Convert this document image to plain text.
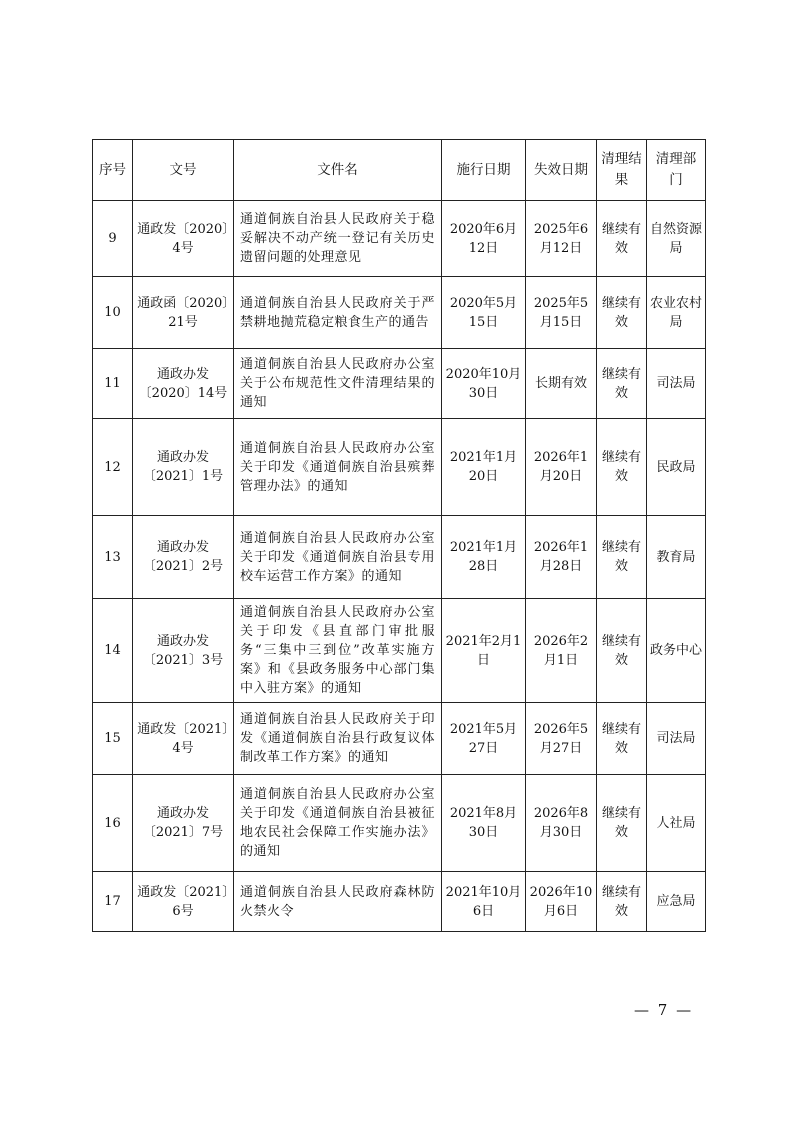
序号	文号	文件名	施行日期	失效日期	清理结果	清理部门
9	通政发〔2020〕4号	通道侗族自治县人民政府关于稳妥解决不动产统一登记有关历史遗留问题的处理意见	2020年6月12日	2025年6月12日	继续有效	自然资源局
10	通政函〔2020〕21号	通道侗族自治县人民政府关于严禁耕地抛荒稳定粮食生产的通告	2020年5月15日	2025年5月15日	继续有效	农业农村局
11	通政办发〔2020〕14号	通道侗族自治县人民政府办公室关于公布规范性文件清理结果的通知	2020年10月30日	长期有效	继续有效	司法局
12	通政办发〔2021〕1号	通道侗族自治县人民政府办公室关于印发《通道侗族自治县殡葬管理办法》的通知	2021年1月20日	2026年1月20日	继续有效	民政局
13	通政办发〔2021〕2号	通道侗族自治县人民政府办公室关于印发《通道侗族自治县专用校车运营工作方案》的通知	2021年1月28日	2026年1月28日	继续有效	教育局
14	通政办发〔2021〕3号	通道侗族自治县人民政府办公室关于印发《县直部门审批服务“三集中三到位”改革实施方案》和《县政务服务中心部门集中入驻方案》的通知	2021年2月1日	2026年2月1日	继续有效	政务中心
15	通政发〔2021〕4号	通道侗族自治县人民政府关于印发《通道侗族自治县行政复议体制改革工作方案》的通知	2021年5月27日	2026年5月27日	继续有效	司法局
16	通政办发〔2021〕7号	通道侗族自治县人民政府办公室关于印发《通道侗族自治县被征地农民社会保障工作实施办法》的通知	2021年8月30日	2026年8月30日	继续有效	人社局
17	通政发〔2021〕6号	通道侗族自治县人民政府森林防火禁火令	2021年10月6日	2026年10月6日	继续有效	应急局
— 7 —
